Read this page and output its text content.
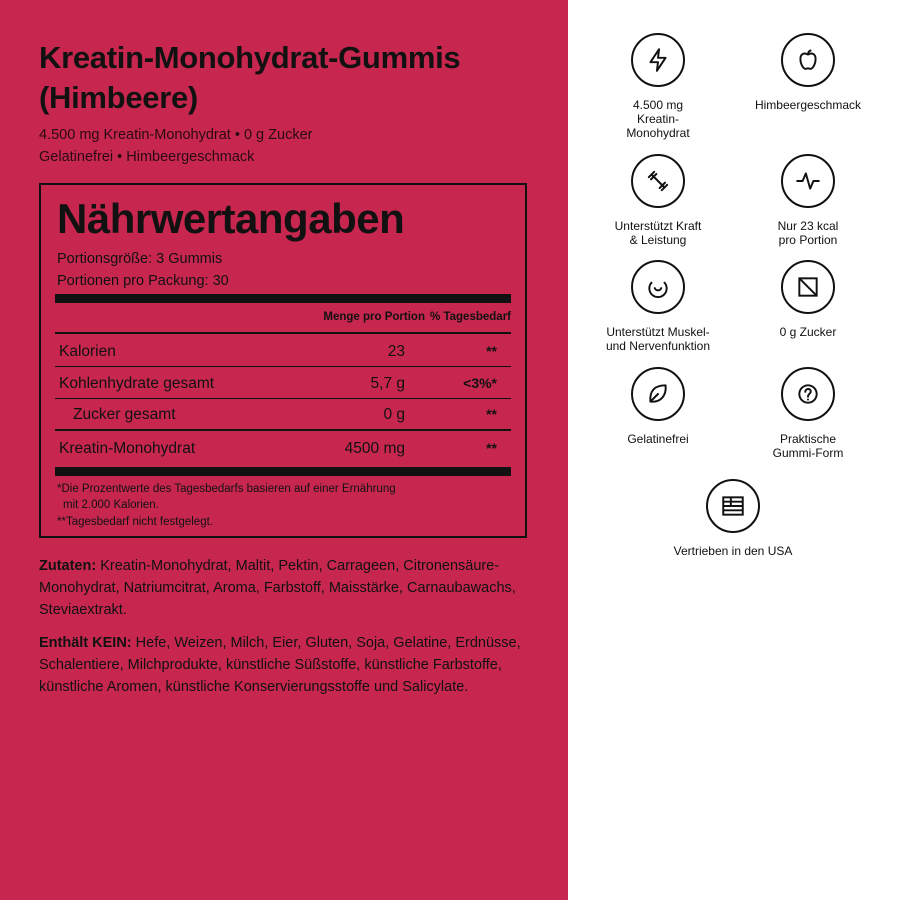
Kreatin-Monohydrat-Gummis (Himbeere)
4.500 mg Kreatin-Monohydrat • 0 g Zucker
Gelatinefrei • Himbeergeschmack
Nährwertangaben
Portionsgröße: 3 Gummis
Portionen pro Packung: 30
Menge pro Portion % Tagesbedarf
Kalorien	23	**
Kohlenhydrate gesamt	5,7 g	<3%*
Zucker gesamt	0 g	**
Kreatin-Monohydrat	4500 mg	**
*Die Prozentwerte des Tagesbedarfs basieren auf einer Ernährung
mit 2.000 Kalorien.
**Tagesbedarf nicht festgelegt.
Zutaten: Kreatin-Monohydrat, Maltit, Pektin, Carrageen, Citronensäure-Monohydrat, Natriumcitrat, Aroma, Farbstoff, Maisstärke, Carnaubawachs, Steviaextrakt.
Enthält KEIN: Hefe, Weizen, Milch, Eier, Gluten, Soja, Gelatine, Erdnüsse, Schalentiere, Milchprodukte, künstliche Süßstoffe, künstliche Farbstoffe, künstliche Aromen, künstliche Konservierungsstoffe und Salicylate.
4.500 mg
Kreatin-
Monohydrat
Himbeergeschmack
Unterstützt Kraft
& Leistung
Nur 23 kcal
pro Portion
Unterstützt Muskel-
und Nervenfunktion
0 g Zucker
Gelatinefrei	Praktische
Gummi-Form
Vertrieben in den USA
